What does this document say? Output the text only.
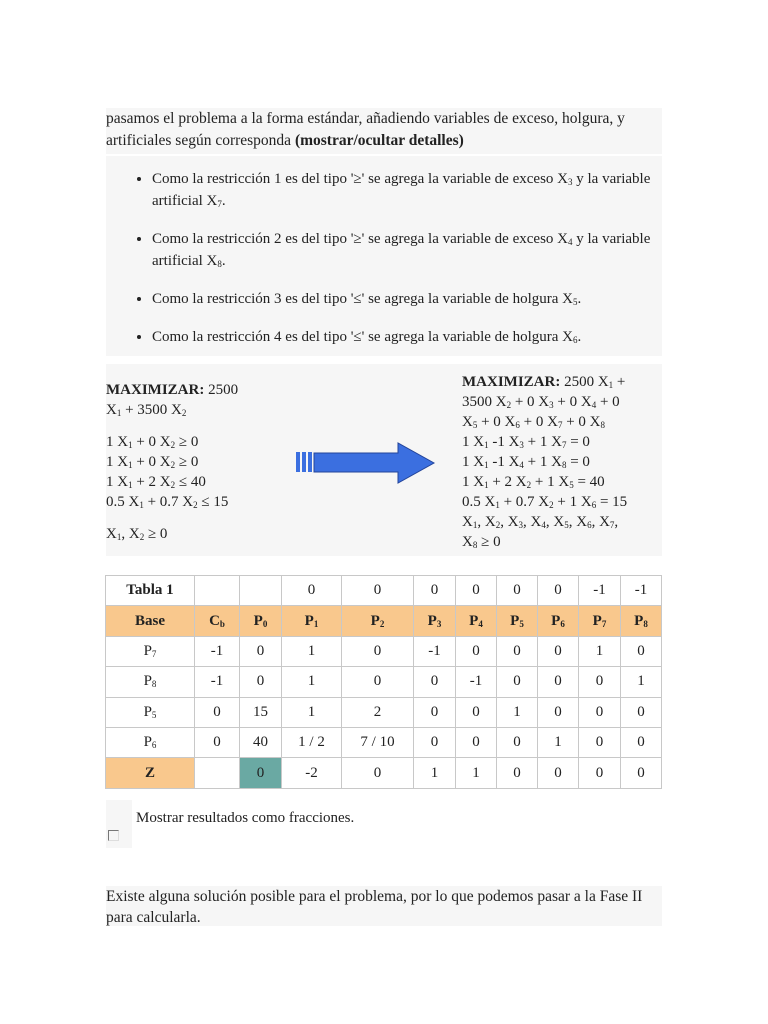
pasamos el problema a la forma estándar, añadiendo variables de exceso, holgura, y artificiales según corresponda (mostrar/ocultar detalles)
• Como la restricción 1 es del tipo '≥' se agrega la variable de exceso $X_3$ y la variable artificial $X_7$.
• Como la restricción 2 es del tipo '≥' se agrega la variable de exceso $X_4$ y la variable artificial $X_8$.
• Como la restricción 3 es del tipo '≤' se agrega la variable de holgura $X_5$.
• Como la restricción 4 es del tipo '≤' se agrega la variable de holgura $X_6$.
MAXIMIZAR: 2500
$X_1 + 3500$ $X_2$
1 $X_1 + 0$ $X_2 \ge 0$
1 $X_1 + 0$ $X_2 \ge 0$
1 $X_1 + 2$ $X_2 \le 40$
0.5 $X_1 + 0.7$ $X_2 \le 15$
$X_1$, $X_2 \ge 0$
MAXIMIZAR: 2500 $X_1$ +
3500 $X_2 + 0$ $X_3 + 0$ $X_4 + 0$
$X_5 + 0$ $X_6 + 0$ $X_7 + 0$ $X_8$
1 $X_1$ -1 $X_3 + 1$ $X_7 = 0$
1 $X_1$ -1 $X_4 + 1$ $X_8 = 0$
1 $X_1 + 2$ $X_2 + 1$ $X_5 = 40$
0.5 $X_1 + 0.7$ $X_2 + 1$ $X_6 = 15$
$X_1$, $X_2$, $X_3$, $X_4$, $X_5$, $X_6$, $X_7$,
$X_8 \ge 0$
Tabla 1			0	0	0	0	0	0	-1	-1
Base	$C_b$	$P_0$	$P_1$	$P_2$	$P_3$	$P_4$	$P_5$	$P_6$	$P_7$	$P_8$
$P_7$	-1	0	1	0	-1	0	0	0	1	0
$P_8$	-1	0	1	0	0	-1	0	0	0	1
$P_5$	0	15	1	2	0	0	1	0	0	0
$P_6$	0	40	1 / 2	7 / 10	0	0	0	1	0	0
Z		0	-2	0	1	1	0	0	0	0
Mostrar resultados como fracciones.
Existe alguna solución posible para el problema, por lo que podemos pasar a la Fase II para calcularla.
